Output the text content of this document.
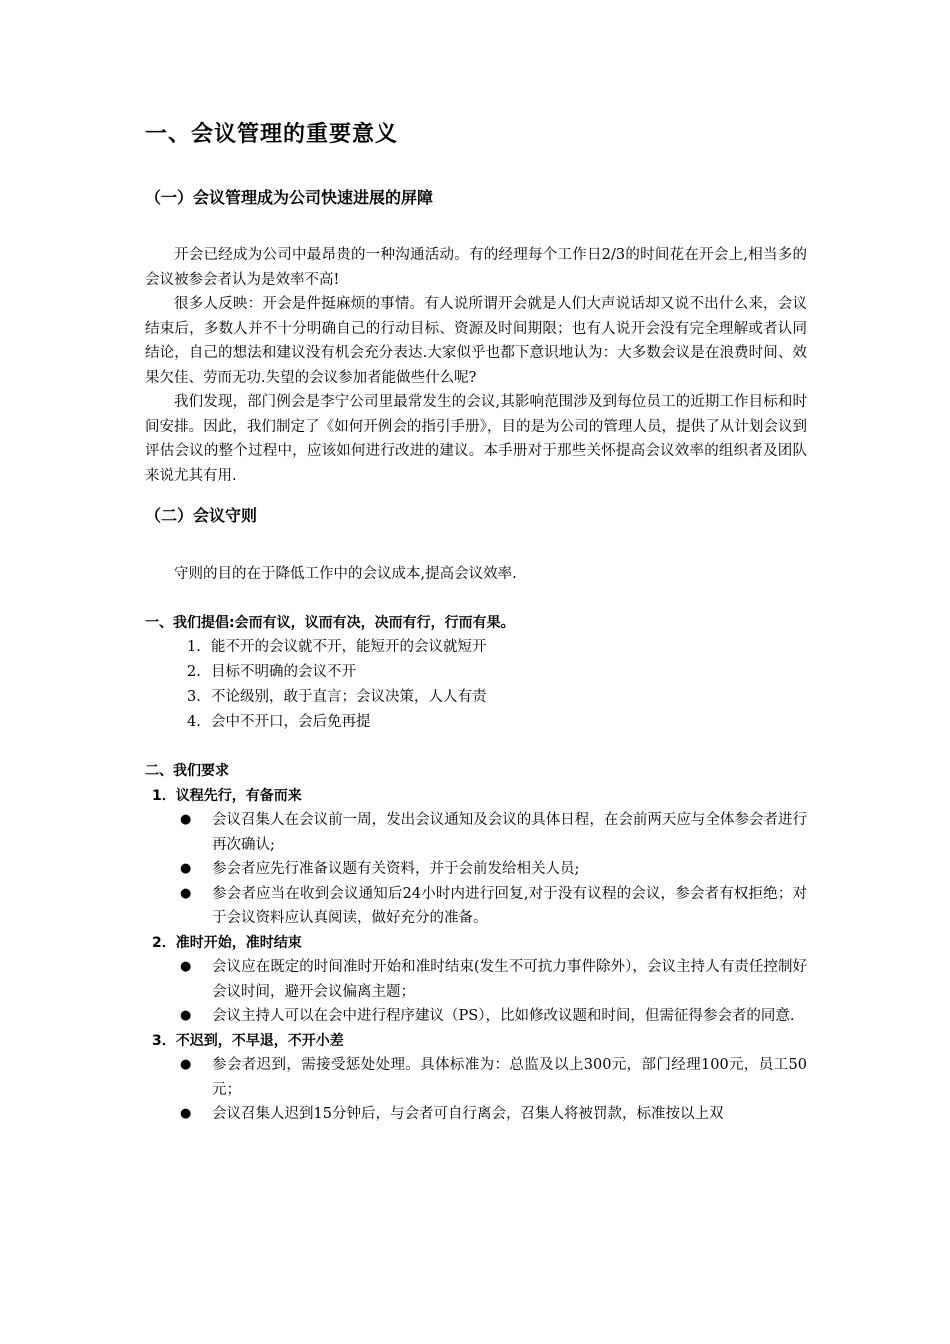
一、会议管理的重要意义
（一）会议管理成为公司快速进展的屏障

开会已经成为公司中最昂贵的一种沟通活动。有的经理每个工作日2/3的时间花在开会上,相当多的会议被参会者认为是效率不高!

很多人反映：开会是件挺麻烦的事情。有人说所谓开会就是人们大声说话却又说不出什么来，会议结束后，多数人并不十分明确自己的行动目标、资源及时间期限；也有人说开会没有完全理解或者认同结论，自己的想法和建议没有机会充分表达.大家似乎也都下意识地认为：大多数会议是在浪费时间、效果欠佳、劳而无功.失望的会议参加者能做些什么呢?

我们发现，部门例会是李宁公司里最常发生的会议,其影响范围涉及到每位员工的近期工作目标和时间安排。因此，我们制定了《如何开例会的指引手册》，目的是为公司的管理人员，提供了从计划会议到评估会议的整个过程中，应该如何进行改进的建议。本手册对于那些关怀提高会议效率的组织者及团队来说尤其有用.

（二）会议守则

守则的目的在于降低工作中的会议成本,提高会议效率.

一、我们提倡:会而有议，议而有决，决而有行，行而有果。
1. 能不开的会议就不开，能短开的会议就短开
2. 目标不明确的会议不开
3. 不论级别，敢于直言；会议决策，人人有责
4. 会中不开口，会后免再提
二、我们要求
1．议程先行，有备而来
● 会议召集人在会议前一周，发出会议通知及会议的具体日程，在会前两天应与全体参会者进行再次确认;
● 参会者应先行准备议题有关资料，并于会前发给相关人员;
● 参会者应当在收到会议通知后24小时内进行回复,对于没有议程的会议，参会者有权拒绝；对于会议资料应认真阅读，做好充分的准备。
2．准时开始，准时结束
● 会议应在既定的时间准时开始和准时结束(发生不可抗力事件除外），会议主持人有责任控制好会议时间，避开会议偏离主题；
● 会议主持人可以在会中进行程序建议（PS），比如修改议题和时间，但需征得参会者的同意.
3．不迟到，不早退，不开小差
● 参会者迟到，需接受惩处处理。具体标准为：总监及以上300元，部门经理100元，员工50元；
● 会议召集人迟到15分钟后，与会者可自行离会，召集人将被罚款，标准按以上双
